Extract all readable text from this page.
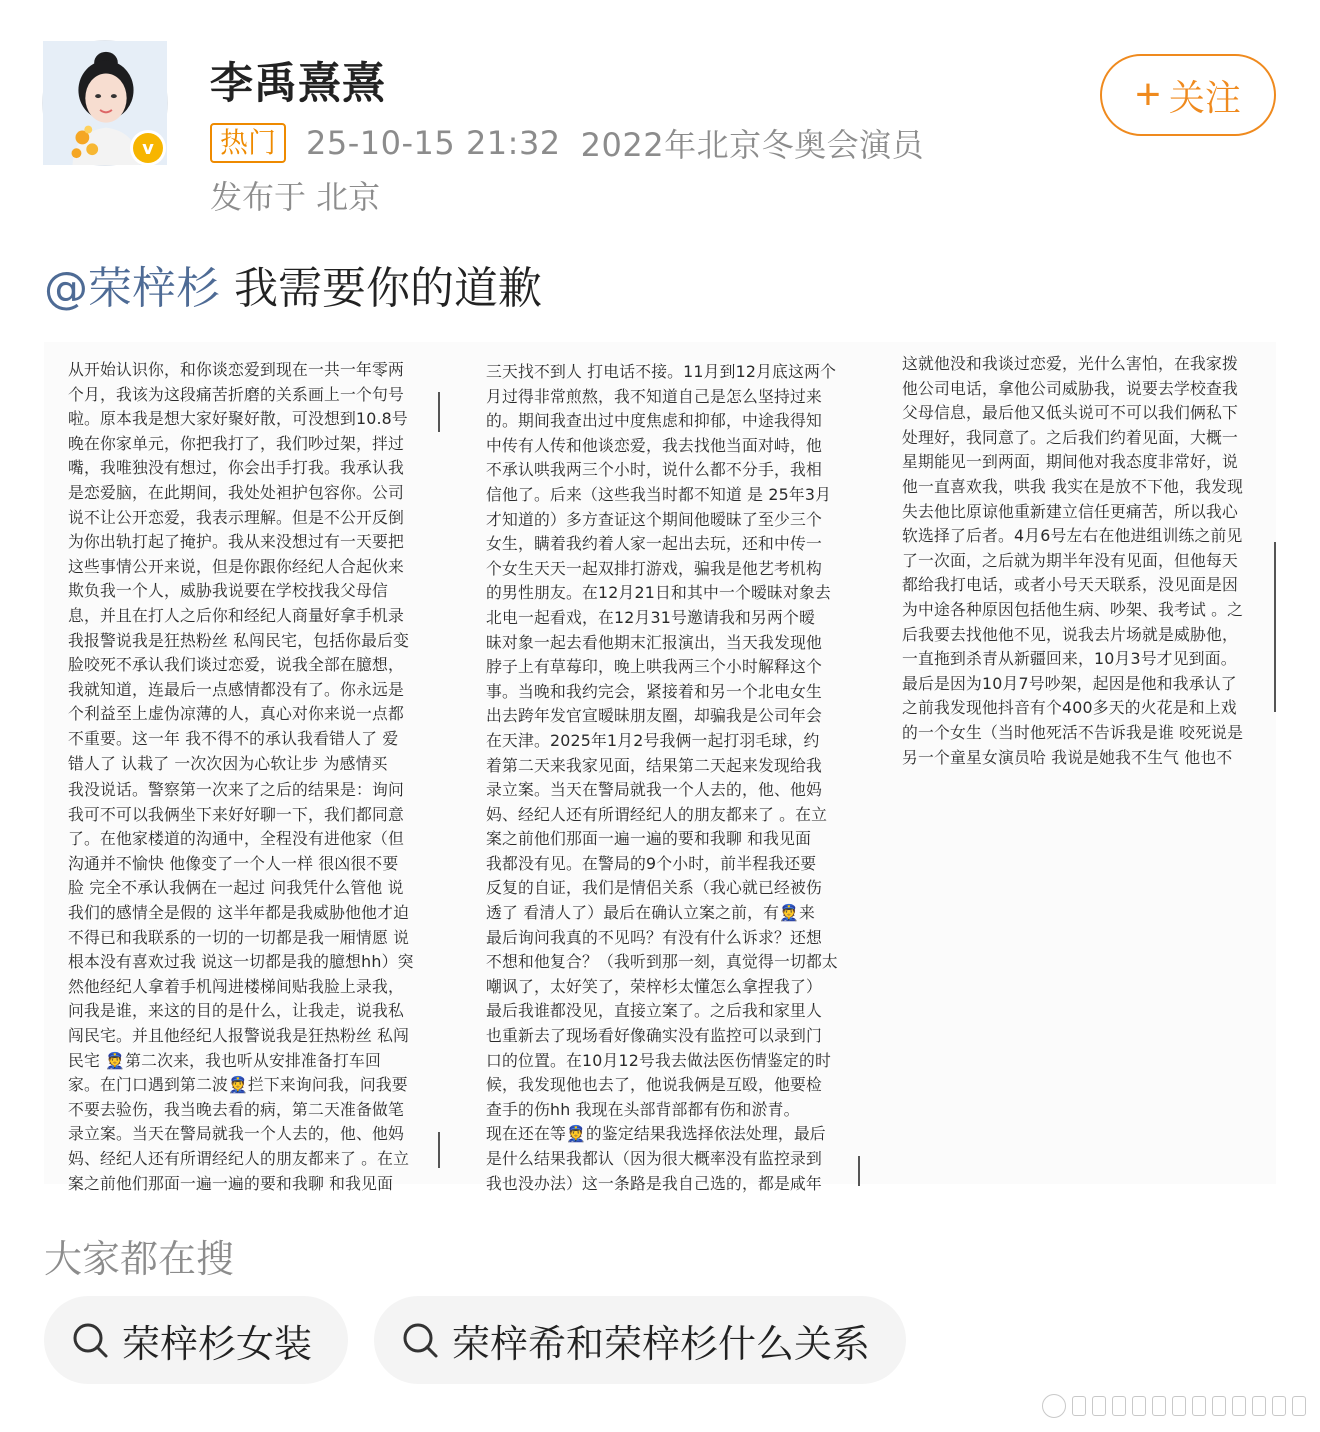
v
李禹熹熹
热门 25-10-15 21:32 2022年北京冬奥会演员
发布于 北京
+ 关注
@荣梓杉 我需要你的道歉

从开始认识你，和你谈恋爱到现在一共一年零两

个月，我该为这段痛苦折磨的关系画上一个句号

啦。原本我是想大家好聚好散，可没想到10.8号

晚在你家单元，你把我打了，我们吵过架，拌过

嘴，我唯独没有想过，你会出手打我。我承认我

是恋爱脑，在此期间，我处处袒护包容你。公司

说不让公开恋爱，我表示理解。但是不公开反倒

为你出轨打起了掩护。我从来没想过有一天要把

这些事情公开来说，但是你跟你经纪人合起伙来

欺负我一个人，威胁我说要在学校找我父母信

息，并且在打人之后你和经纪人商量好拿手机录

我报警说我是狂热粉丝 私闯民宅，包括你最后变

脸咬死不承认我们谈过恋爱，说我全部在臆想，

我就知道，连最后一点感情都没有了。你永远是

个利益至上虚伪凉薄的人，真心对你来说一点都

不重要。这一年 我不得不的承认我看错人了 爱

错人了 认栽了 一次次因为心软让步 为感情买

三天找不到人 打电话不接。11月到12月底这两个

月过得非常煎熬，我不知道自己是怎么坚持过来

的。期间我查出过中度焦虑和抑郁，中途我得知

中传有人传和他谈恋爱，我去找他当面对峙，他

不承认哄我两三个小时，说什么都不分手，我相

信他了。后来（这些我当时都不知道 是 25年3月

才知道的）多方查证这个期间他暧昧了至少三个

女生，瞒着我约着人家一起出去玩，还和中传一

个女生天天一起双排打游戏，骗我是他艺考机构

的男性朋友。在12月21日和其中一个暧昧对象去

北电一起看戏，在12月31号邀请我和另两个暧

昧对象一起去看他期末汇报演出，当天我发现他

脖子上有草莓印，晚上哄我两三个小时解释这个

事。当晚和我约完会，紧接着和另一个北电女生

出去跨年发官宣暧昧朋友圈，却骗我是公司年会

在天津。2025年1月2号我俩一起打羽毛球，约

着第二天来我家见面，结果第二天起来发现给我

这就他没和我谈过恋爱，光什么害怕，在我家拨

他公司电话，拿他公司威胁我，说要去学校查我

父母信息，最后他又低头说可不可以我们俩私下

处理好，我同意了。之后我们约着见面，大概一

星期能见一到两面，期间他对我态度非常好，说

他一直喜欢我，哄我 我实在是放不下他，我发现

失去他比原谅他重新建立信任更痛苦，所以我心

软选择了后者。4月6号左右在他进组训练之前见

了一次面，之后就为期半年没有见面，但他每天

都给我打电话，或者小号天天联系，没见面是因

为中途各种原因包括他生病、吵架、我考试 。之

后我要去找他他不见，说我去片场就是威胁他，

一直拖到杀青从新疆回来，10月3号才见到面。

最后是因为10月7号吵架，起因是他和我承认了

之前我发现他抖音有个400多天的火花是和上戏

的一个女生（当时他死活不告诉我是谁 咬死说是

另一个童星女演员哈 我说是她我不生气 他也不

我没说话。警察第一次来了之后的结果是：询问

我可不可以我俩坐下来好好聊一下，我们都同意

了。在他家楼道的沟通中，全程没有进他家（但

沟通并不愉快 他像变了一个人一样 很凶很不要

脸 完全不承认我俩在一起过 问我凭什么管他 说

我们的感情全是假的 这半年都是我威胁他他才迫

不得已和我联系的一切的一切都是我一厢情愿 说

根本没有喜欢过我 说这一切都是我的臆想hh）突

然他经纪人拿着手机闯进楼梯间贴我脸上录我，

问我是谁，来这的目的是什么，让我走，说我私

闯民宅。并且他经纪人报警说我是狂热粉丝 私闯

民宅 👮第二次来，我也听从安排准备打车回

家。在门口遇到第二波👮拦下来询问我，问我要

不要去验伤，我当晚去看的病，第二天准备做笔

录立案。当天在警局就我一个人去的，他、他妈

妈、经纪人还有所谓经纪人的朋友都来了 。在立

案之前他们那面一遍一遍的要和我聊 和我见面

录立案。当天在警局就我一个人去的，他、他妈

妈、经纪人还有所谓经纪人的朋友都来了 。在立

案之前他们那面一遍一遍的要和我聊 和我见面

我都没有见。在警局的9个小时，前半程我还要

反复的自证，我们是情侣关系（我心就已经被伤

透了 看清人了）最后在确认立案之前，有👮来

最后询问我真的不见吗？有没有什么诉求？还想

不想和他复合？（我听到那一刻，真觉得一切都太

嘲讽了，太好笑了，荣梓杉太懂怎么拿捏我了）

最后我谁都没见，直接立案了。之后我和家里人

也重新去了现场看好像确实没有监控可以录到门

口的位置。在10月12号我去做法医伤情鉴定的时

候，我发现他也去了，他说我俩是互殴，他要检

查手的伤hh 我现在头部背部都有伤和淤青。

现在还在等👮的鉴定结果我选择依法处理，最后

是什么结果我都认（因为很大概率没有监控录到

我也没办法）这一条路是我自己选的，都是咸年

大家都在搜
荣梓杉女装	荣梓希和荣梓杉什么关系
